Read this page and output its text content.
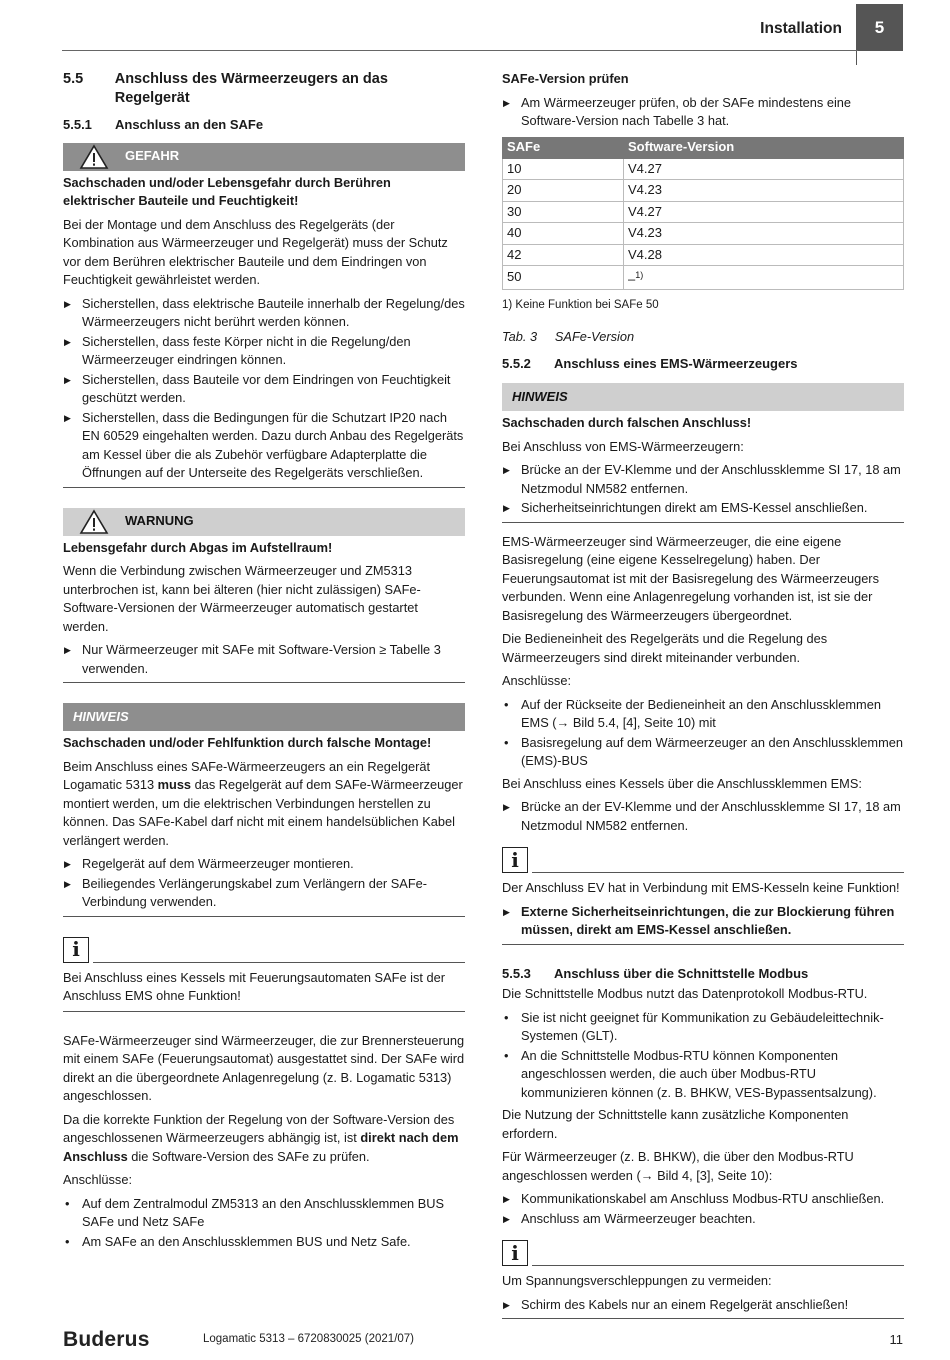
Installation	5
5.5	Anschluss des Wärmeerzeugers an das Regelgerät
5.5.1	Anschluss an den SAFe
GEFAHR

Sachschaden und/oder Lebensgefahr durch Berühren elektrischer Bauteile und Feuchtigkeit!

Bei der Montage und dem Anschluss des Regelgeräts (der Kombination aus Wärmeerzeuger und Regelgerät) muss der Schutz vor dem Berühren elektrischer Bauteile und dem Eindringen von Feuchtigkeit gewährleistet werden.

▶ Sicherstellen, dass elektrische Bauteile innerhalb der Regelung/des Wärmeerzeugers nicht berührt werden können.
▶ Sicherstellen, dass feste Körper nicht in die Regelung/den Wärmeerzeuger eindringen können.
▶ Sicherstellen, dass Bauteile vor dem Eindringen von Feuchtigkeit geschützt werden.
▶ Sicherstellen, dass die Bedingungen für die Schutzart IP20 nach EN 60529 eingehalten werden. Dazu durch Anbau des Regelgeräts am Kessel über die als Zubehör verfügbare Adapterplatte die Öffnungen auf der Unterseite des Regelgeräts verschließen.
WARNUNG

Lebensgefahr durch Abgas im Aufstellraum!

Wenn die Verbindung zwischen Wärmeerzeuger und ZM5313 unterbrochen ist, kann bei älteren (hier nicht zulässigen) SAFe- Software-Versionen der Wärmeerzeuger automatisch gestartet werden.

▶ Nur Wärmeerzeuger mit SAFe mit Software-Version ≥ Tabelle 3 verwenden.
HINWEIS

Sachschaden und/oder Fehlfunktion durch falsche Montage!

Beim Anschluss eines SAFe-Wärmeerzeugers an ein Regelgerät Logamatic 5313 muss das Regelgerät auf dem SAFe-Wärmeerzeuger montiert werden, um die elektrischen Verbindungen herstellen zu können. Das SAFe-Kabel darf nicht mit einem handelsüblichen Kabel verlängert werden.

▶ Regelgerät auf dem Wärmeerzeuger montieren.
▶ Beiliegendes Verlängerungskabel zum Verlängern der SAFe-Verbindung verwenden.
i

Bei Anschluss eines Kessels mit Feuerungsautomaten SAFe ist der Anschluss EMS ohne Funktion!

SAFe-Wärmeerzeuger sind Wärmeerzeuger, die zur Brennersteuerung mit einem SAFe (Feuerungsautomat) ausgestattet sind. Der SAFe wird direkt an die übergeordnete Anlagenregelung (z. B. Logamatic 5313) angeschlossen.

Da die korrekte Funktion der Regelung von der Software-Version des angeschlossenen Wärmeerzeugers abhängig ist, ist direkt nach dem Anschluss die Software-Version des SAFe zu prüfen.

Anschlüsse:

• Auf dem Zentralmodul ZM5313 an den Anschlussklemmen BUS SAFe und Netz SAFe
• Am SAFe an den Anschlussklemmen BUS und Netz Safe.

SAFe-Version prüfen

▶ Am Wärmeerzeuger prüfen, ob der SAFe mindestens eine Software-Version nach Tabelle 3 hat.
SAFe	Software-Version
10	V4.27
20	V4.23
30	V4.27
40	V4.23
42	V4.28
50	–$^{1)}$
1) Keine Funktion bei SAFe 50
Tab. 3     SAFe-Version
5.5.2	Anschluss eines EMS-Wärmeerzeugers
HINWEIS

Sachschaden durch falschen Anschluss!

Bei Anschluss von EMS-Wärmeerzeugern:

▶ Brücke an der EV-Klemme und der Anschlussklemme SI 17, 18 am Netzmodul NM582 entfernen.
▶ Sicherheitseinrichtungen direkt am EMS-Kessel anschließen.

EMS-Wärmeerzeuger sind Wärmeerzeuger, die eine eigene Basisregelung (eine eigene Kesselregelung) haben. Der Feuerungsautomat ist mit der Basisregelung des Wärmeerzeugers verbunden. Wenn eine Anlagenregelung vorhanden ist, ist sie der Basisregelung des Wärmeerzeugers übergeordnet.

Die Bedieneinheit des Regelgeräts und die Regelung des Wärmeerzeugers sind direkt miteinander verbunden.

Anschlüsse:

• Auf der Rückseite der Bedieneinheit an den Anschlussklemmen EMS (→ Bild 5.4, [4], Seite 10) mit
• Basisregelung auf dem Wärmeerzeuger an den Anschlussklemmen (EMS)-BUS

Bei Anschluss eines Kessels über die Anschlussklemmen EMS:

▶ Brücke an der EV-Klemme und der Anschlussklemme SI 17, 18 am Netzmodul NM582 entfernen.
i

Der Anschluss EV hat in Verbindung mit EMS-Kesseln keine Funktion!

▶ Externe Sicherheitseinrichtungen, die zur Blockierung führen müssen, direkt am EMS-Kessel anschließen.
5.5.3	Anschluss über die Schnittstelle Modbus

Die Schnittstelle Modbus nutzt das Datenprotokoll Modbus-RTU.

• Sie ist nicht geeignet für Kommunikation zu Gebäudeleittechnik-Systemen (GLT).
• An die Schnittstelle Modbus-RTU können Komponenten angeschlossen werden, die auch über Modbus-RTU kommunizieren können (z. B. BHKW, VES-Bypassentsalzung).

Die Nutzung der Schnittstelle kann zusätzliche Komponenten erfordern.

Für Wärmeerzeuger (z. B. BHKW), die über den Modbus-RTU angeschlossen werden (→ Bild 4, [3], Seite 10):

▶ Kommunikationskabel am Anschluss Modbus-RTU anschließen.
▶ Anschluss am Wärmeerzeuger beachten.
i

Um Spannungsverschleppungen zu vermeiden:

▶ Schirm des Kabels nur an einem Regelgerät anschließen!
Buderus	Logamatic 5313 – 6720830025 (2021/07)	11
